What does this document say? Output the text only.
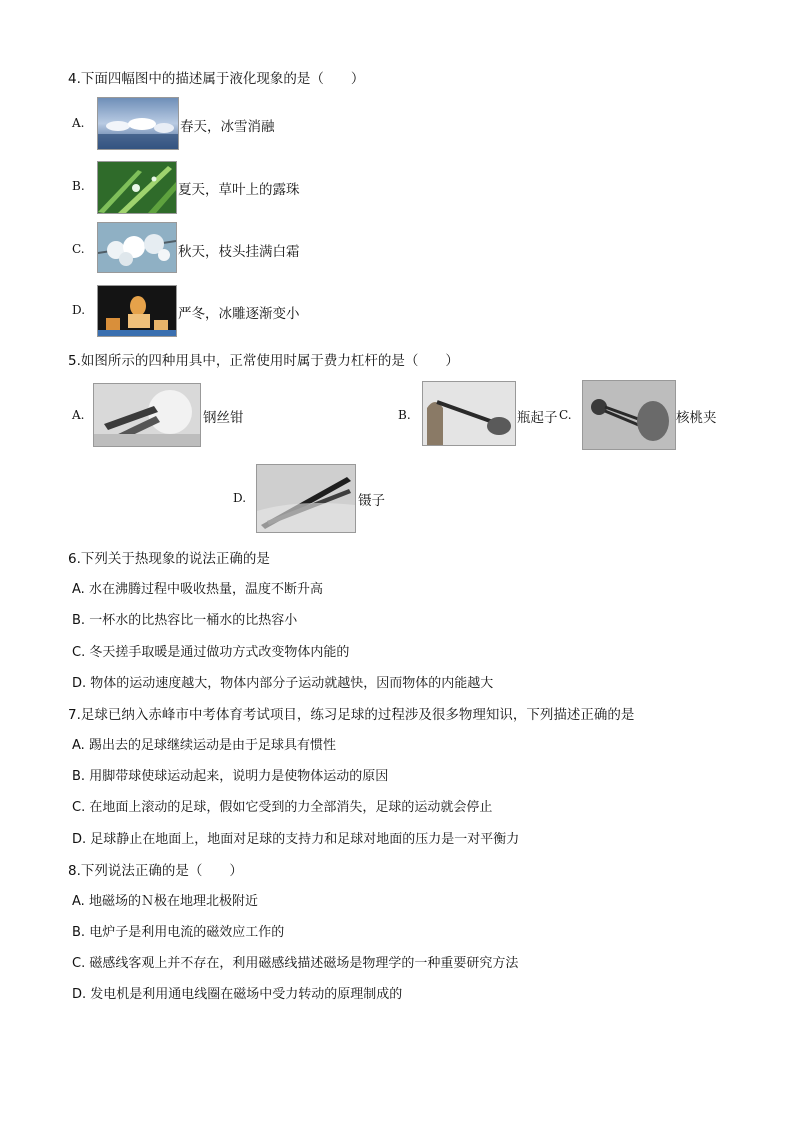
4.下面四幅图中的描述属于液化现象的是（　　）
A.	春天，冰雪消融
B.	夏天，草叶上的露珠
C.	秋天，枝头挂满白霜
D.	严冬，冰雕逐渐变小
5.如图所示的四种用具中，正常使用时属于费力杠杆的是（　　）
A.	钢丝钳	B.	瓶起子 C.	核桃夹
D.	镊子
6.下列关于热现象的说法正确的是
A. 水在沸腾过程中吸收热量，温度不断升高
B. 一杯水的比热容比一桶水的比热容小
C. 冬天搓手取暖是通过做功方式改变物体内能的
D. 物体的运动速度越大，物体内部分子运动就越快，因而物体的内能越大
7.足球已纳入赤峰市中考体育考试项目，练习足球的过程涉及很多物理知识，下列描述正确的是
A. 踢出去的足球继续运动是由于足球具有惯性
B. 用脚带球使球运动起来，说明力是使物体运动的原因
C. 在地面上滚动的足球，假如它受到的力全部消失，足球的运动就会停止
D. 足球静止在地面上，地面对足球的支持力和足球对地面的压力是一对平衡力
8.下列说法正确的是（　　）
A. 地磁场的Ｎ极在地理北极附近
B. 电炉子是利用电流的磁效应工作的
C. 磁感线客观上并不存在，利用磁感线描述磁场是物理学的一种重要研究方法
D. 发电机是利用通电线圈在磁场中受力转动的原理制成的
